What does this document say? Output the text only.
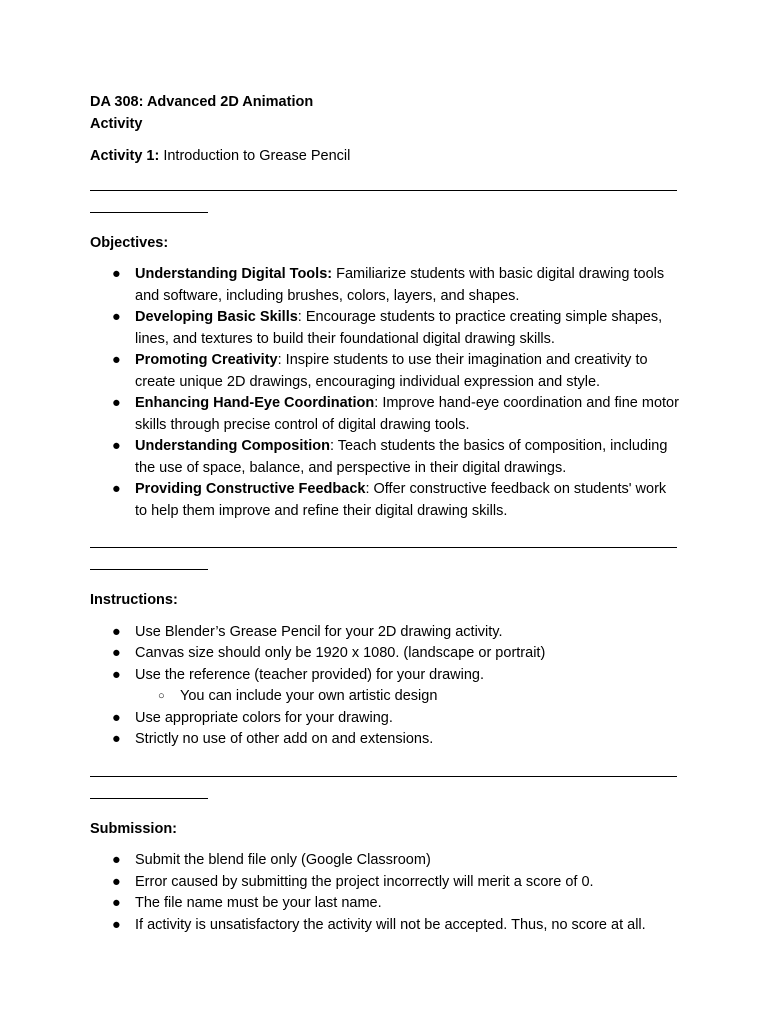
DA 308: Advanced 2D Animation

Activity

Activity 1: Introduction to Grease Pencil

Objectives:

● Understanding Digital Tools: Familiarize students with basic digital drawing tools and software, including brushes, colors, layers, and shapes.
● Developing Basic Skills: Encourage students to practice creating simple shapes, lines, and textures to build their foundational digital drawing skills.
● Promoting Creativity: Inspire students to use their imagination and creativity to create unique 2D drawings, encouraging individual expression and style.
● Enhancing Hand-Eye Coordination: Improve hand-eye coordination and fine motor skills through precise control of digital drawing tools.
● Understanding Composition: Teach students the basics of composition, including the use of space, balance, and perspective in their digital drawings.
● Providing Constructive Feedback: Offer constructive feedback on students' work to help them improve and refine their digital drawing skills.

Instructions:

● Use Blender’s Grease Pencil for your 2D drawing activity.
● Canvas size should only be 1920 x 1080. (landscape or portrait)
● Use the reference (teacher provided) for your drawing.
○ You can include your own artistic design
● Use appropriate colors for your drawing.
● Strictly no use of other add on and extensions.

Submission:

● Submit the blend file only (Google Classroom)
● Error caused by submitting the project incorrectly will merit a score of 0.
● The file name must be your last name.
● If activity is unsatisfactory the activity will not be accepted. Thus, no score at all.
